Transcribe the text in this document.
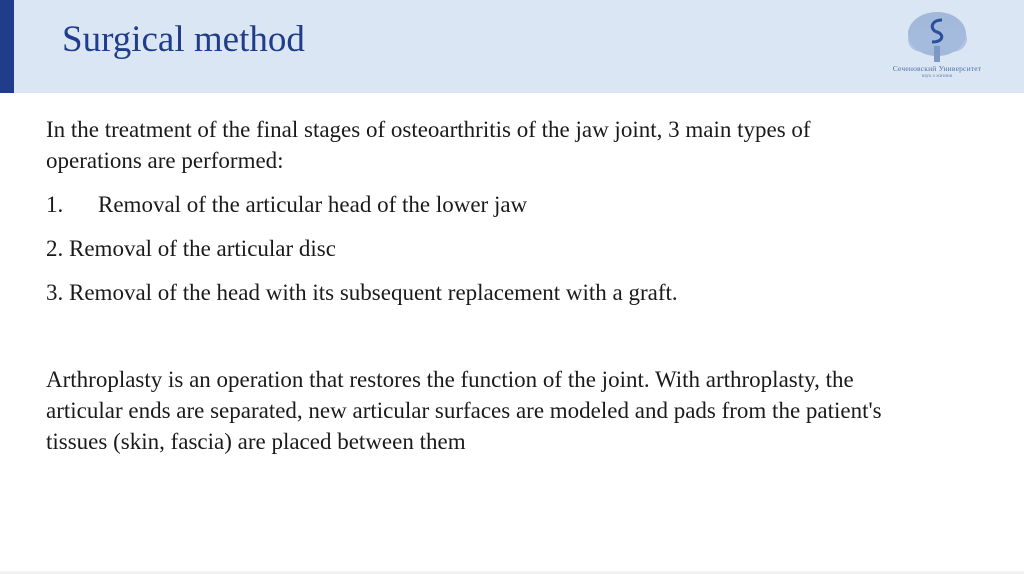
Surgical method
Сеченовский Университет
наук о жизнии

In the treatment of the final stages of osteoarthritis of the jaw joint, 3 main types of operations are performed:

1. Removal of the articular head of the lower jaw
2. Removal of the articular disc
3. Removal of the head with its subsequent replacement with a graft.

Arthroplasty is an operation that restores the function of the joint. With arthroplasty, the articular ends are separated, new articular surfaces are modeled and pads from the patient's tissues (skin, fascia) are placed between them
